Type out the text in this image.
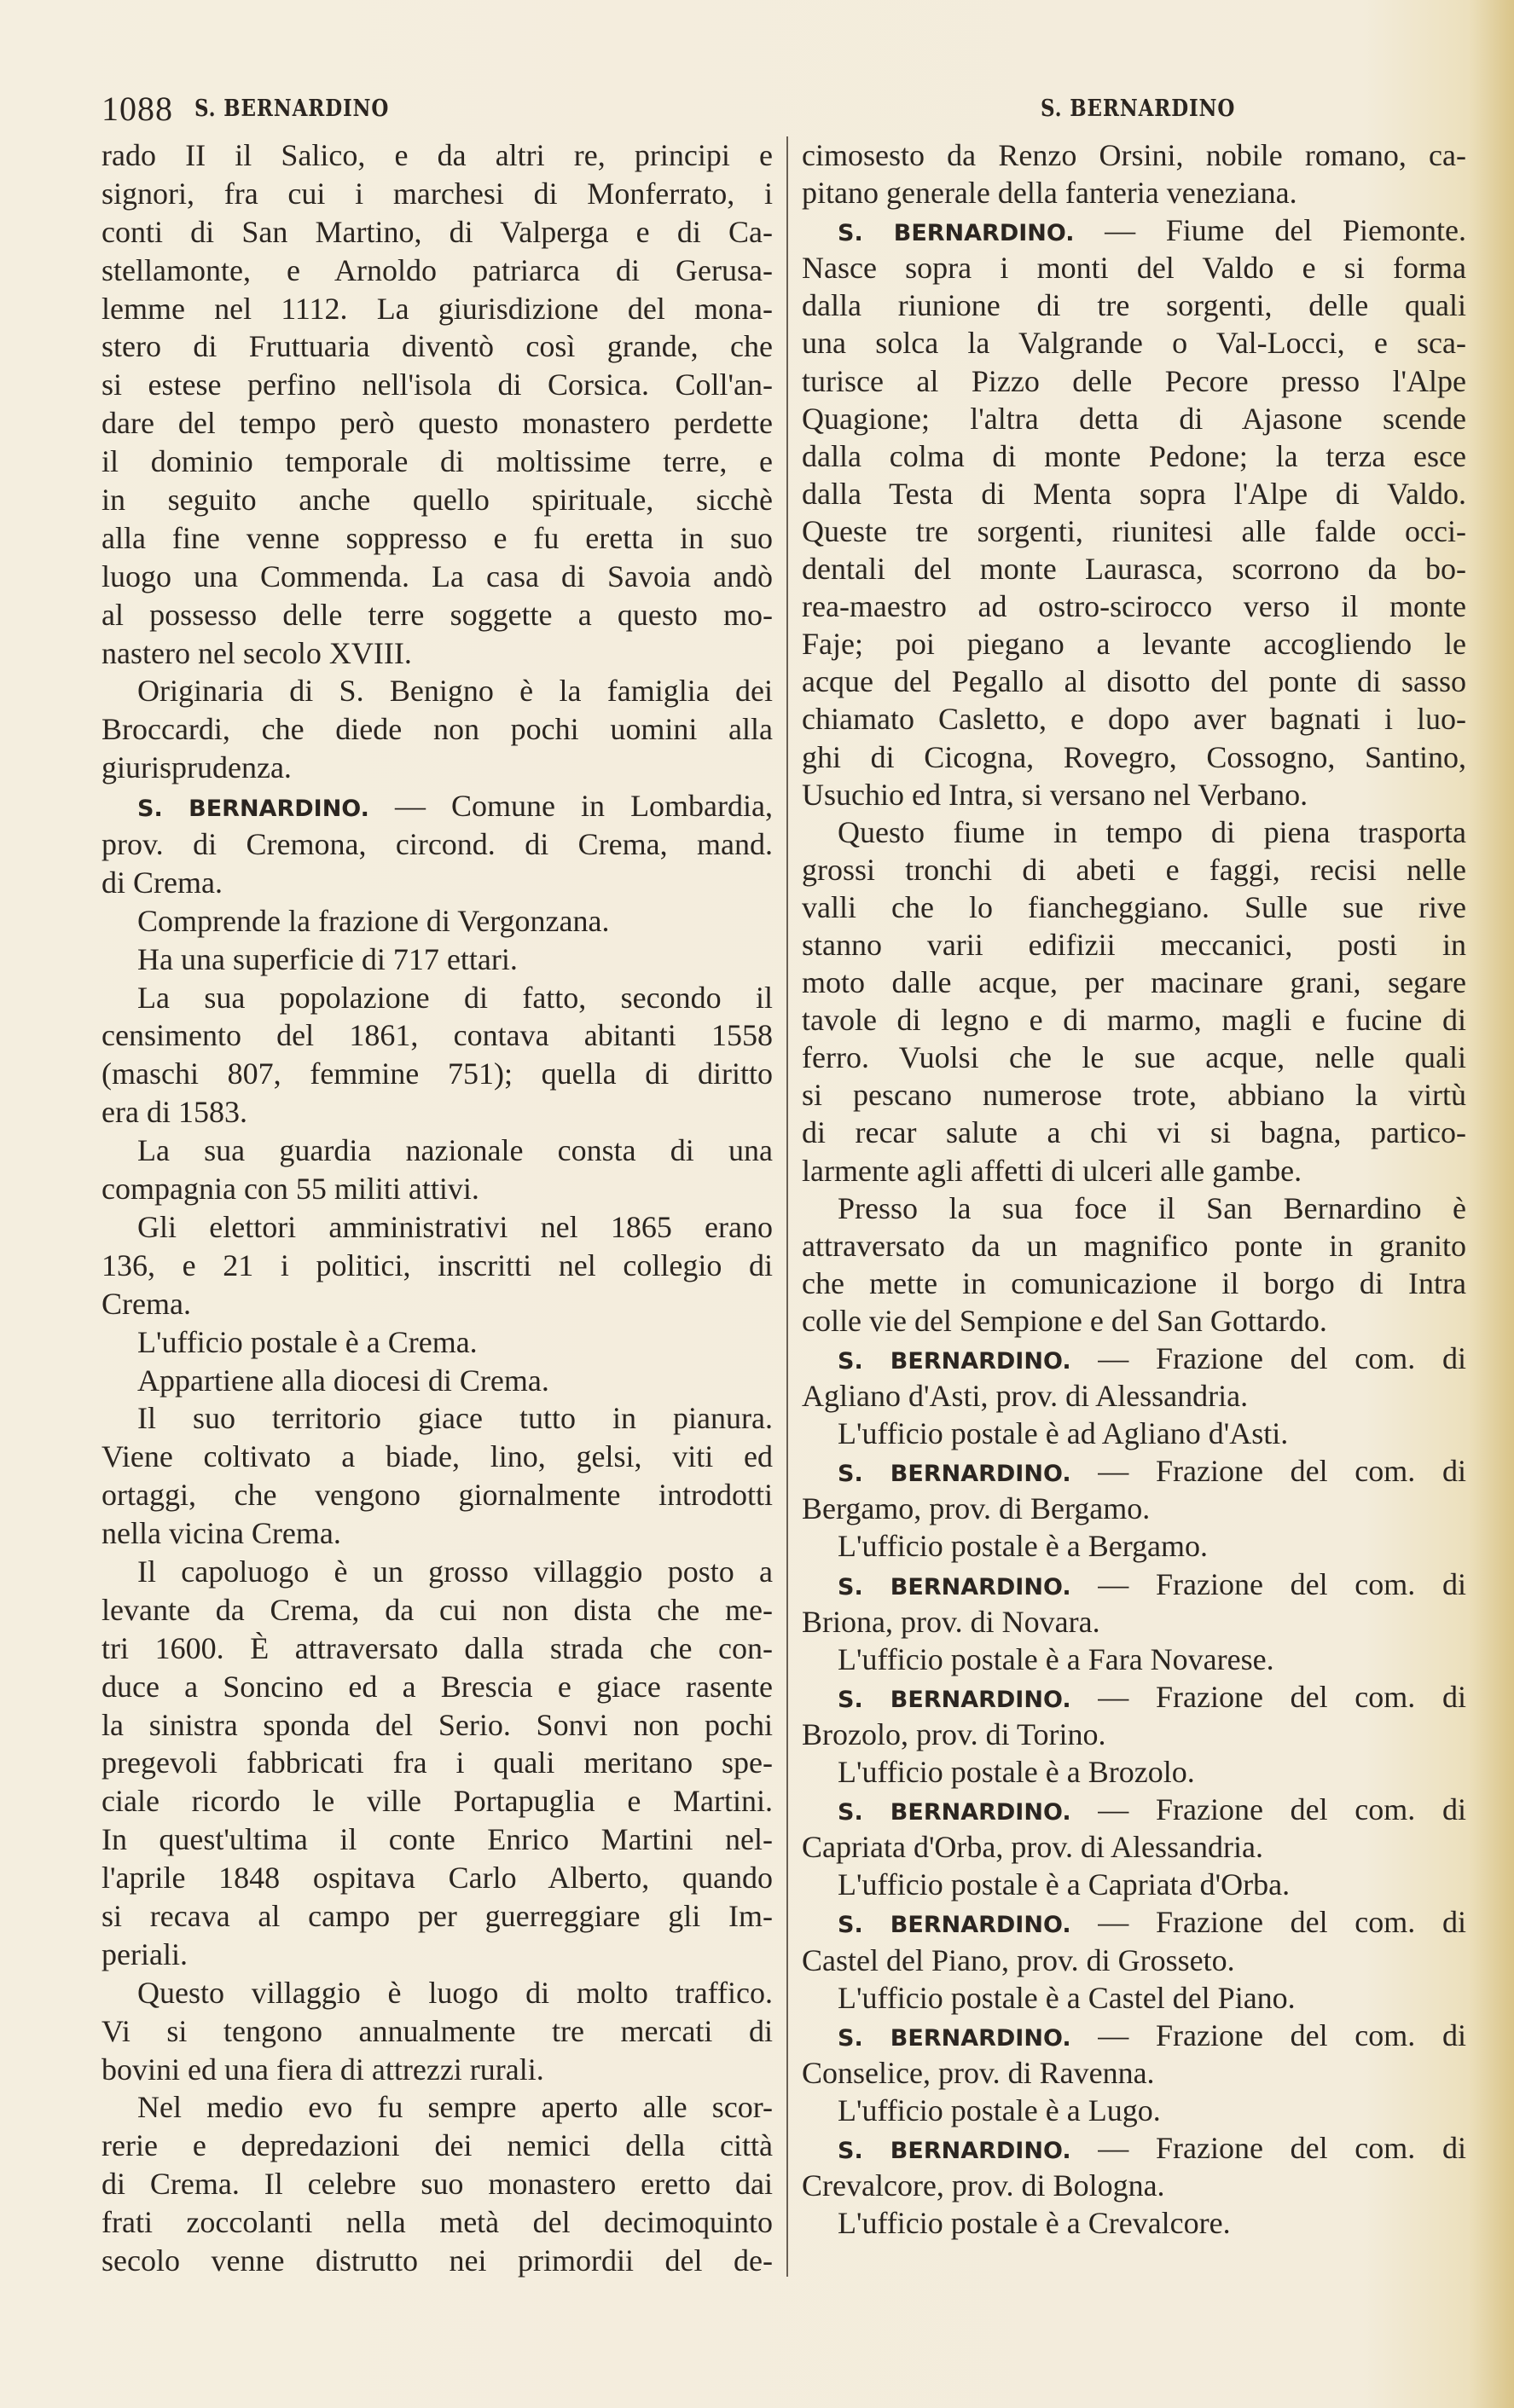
1088 S. BERNARDINO	S. BERNARDINO
rado II il Salico, e da altri re, principi e
signori, fra cui i marchesi di Monferrato, i
conti di San Martino, di Valperga e di Ca-
stellamonte, e Arnoldo patriarca di Gerusa-
lemme nel 1112. La giurisdizione del mona-
stero di Fruttuaria diventò così grande, che
si estese perfino nell'isola di Corsica. Coll'an-
dare del tempo però questo monastero perdette
il dominio temporale di moltissime terre, e
in seguito anche quello spirituale, sicchè
alla fine venne soppresso e fu eretta in suo
luogo una Commenda. La casa di Savoia andò
al possesso delle terre soggette a questo mo-
nastero nel secolo XVIII.
Originaria di S. Benigno è la famiglia dei
Broccardi, che diede non pochi uomini alla
giurisprudenza.
S. BERNARDINO. — Comune in Lombardia,
prov. di Cremona, circond. di Crema, mand.
di Crema.
Comprende la frazione di Vergonzana.
Ha una superficie di 717 ettari.
La sua popolazione di fatto, secondo il
censimento del 1861, contava abitanti 1558
(maschi 807, femmine 751); quella di diritto
era di 1583.
La sua guardia nazionale consta di una
compagnia con 55 militi attivi.
Gli elettori amministrativi nel 1865 erano
136, e 21 i politici, inscritti nel collegio di
Crema.
L'ufficio postale è a Crema.
Appartiene alla diocesi di Crema.
Il suo territorio giace tutto in pianura.
Viene coltivato a biade, lino, gelsi, viti ed
ortaggi, che vengono giornalmente introdotti
nella vicina Crema.
Il capoluogo è un grosso villaggio posto a
levante da Crema, da cui non dista che me-
tri 1600. È attraversato dalla strada che con-
duce a Soncino ed a Brescia e giace rasente
la sinistra sponda del Serio. Sonvi non pochi
pregevoli fabbricati fra i quali meritano spe-
ciale ricordo le ville Portapuglia e Martini.
In quest'ultima il conte Enrico Martini nel-
l'aprile 1848 ospitava Carlo Alberto, quando
si recava al campo per guerreggiare gli Im-
periali.
Questo villaggio è luogo di molto traffico.
Vi si tengono annualmente tre mercati di
bovini ed una fiera di attrezzi rurali.
Nel medio evo fu sempre aperto alle scor-
rerie e depredazioni dei nemici della città
di Crema. Il celebre suo monastero eretto dai
frati zoccolanti nella metà del decimoquinto
secolo venne distrutto nei primordii del de-
cimosesto da Renzo Orsini, nobile romano, ca-
pitano generale della fanteria veneziana.
S. BERNARDINO. — Fiume del Piemonte.
Nasce sopra i monti del Valdo e si forma
dalla riunione di tre sorgenti, delle quali
una solca la Valgrande o Val-Locci, e sca-
turisce al Pizzo delle Pecore presso l'Alpe
Quagione; l'altra detta di Ajasone scende
dalla colma di monte Pedone; la terza esce
dalla Testa di Menta sopra l'Alpe di Valdo.
Queste tre sorgenti, riunitesi alle falde occi-
dentali del monte Laurasca, scorrono da bo-
rea-maestro ad ostro-scirocco verso il monte
Faje; poi piegano a levante accogliendo le
acque del Pegallo al disotto del ponte di sasso
chiamato Casletto, e dopo aver bagnati i luo-
ghi di Cicogna, Rovegro, Cossogno, Santino,
Usuchio ed Intra, si versano nel Verbano.
Questo fiume in tempo di piena trasporta
grossi tronchi di abeti e faggi, recisi nelle
valli che lo fiancheggiano. Sulle sue rive
stanno varii edifizii meccanici, posti in
moto dalle acque, per macinare grani, segare
tavole di legno e di marmo, magli e fucine di
ferro. Vuolsi che le sue acque, nelle quali
si pescano numerose trote, abbiano la virtù
di recar salute a chi vi si bagna, partico-
larmente agli affetti di ulceri alle gambe.
Presso la sua foce il San Bernardino è
attraversato da un magnifico ponte in granito
che mette in comunicazione il borgo di Intra
colle vie del Sempione e del San Gottardo.
S. BERNARDINO. — Frazione del com. di
Agliano d'Asti, prov. di Alessandria.
L'ufficio postale è ad Agliano d'Asti.
S. BERNARDINO. — Frazione del com. di
Bergamo, prov. di Bergamo.
L'ufficio postale è a Bergamo.
S. BERNARDINO. — Frazione del com. di
Briona, prov. di Novara.
L'ufficio postale è a Fara Novarese.
S. BERNARDINO. — Frazione del com. di
Brozolo, prov. di Torino.
L'ufficio postale è a Brozolo.
S. BERNARDINO. — Frazione del com. di
Capriata d'Orba, prov. di Alessandria.
L'ufficio postale è a Capriata d'Orba.
S. BERNARDINO. — Frazione del com. di
Castel del Piano, prov. di Grosseto.
L'ufficio postale è a Castel del Piano.
S. BERNARDINO. — Frazione del com. di
Conselice, prov. di Ravenna.
L'ufficio postale è a Lugo.
S. BERNARDINO. — Frazione del com. di
Crevalcore, prov. di Bologna.
L'ufficio postale è a Crevalcore.
